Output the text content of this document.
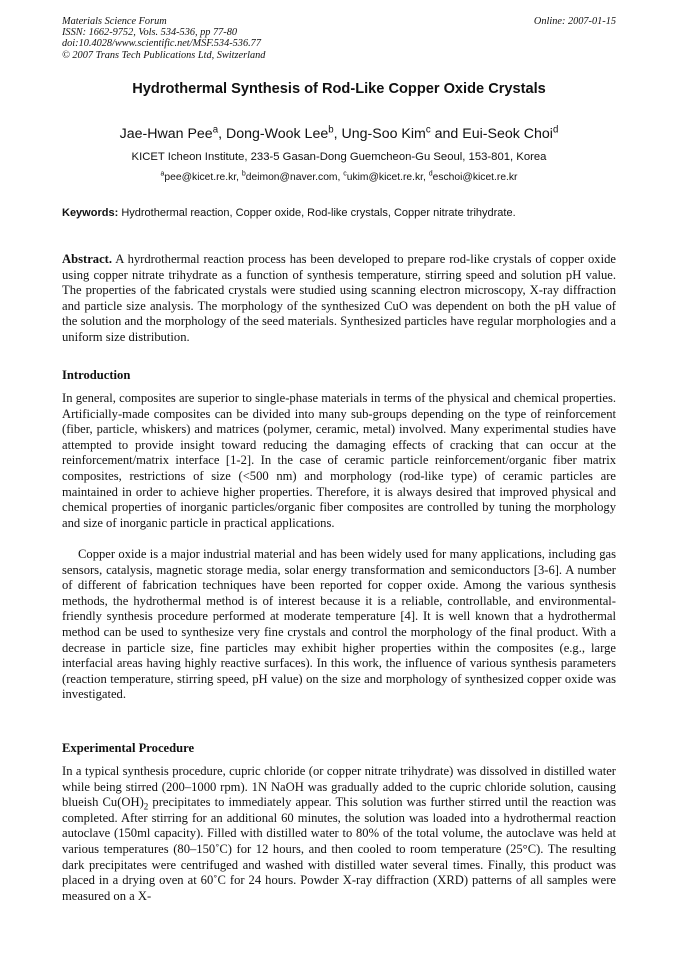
Materials Science Forum
ISSN: 1662-9752, Vols. 534-536, pp 77-80
doi:10.4028/www.scientific.net/MSF.534-536.77
© 2007 Trans Tech Publications Ltd, Switzerland
Online: 2007-01-15
Hydrothermal Synthesis of Rod-Like Copper Oxide Crystals
Jae-Hwan Pee$^a$, Dong-Wook Lee$^b$, Ung-Soo Kim$^c$ and Eui-Seok Choi$^d$
KICET Icheon Institute, 233-5 Gasan-Dong Guemcheon-Gu Seoul, 153-801, Korea
$^a$pee@kicet.re.kr, $^b$deimon@naver.com, $^c$ukim@kicet.re.kr, $^d$eschoi@kicet.re.kr
Keywords: Hydrothermal reaction, Copper oxide, Rod-like crystals, Copper nitrate trihydrate.
Abstract. A hyrdrothermal reaction process has been developed to prepare rod-like crystals of copper oxide using copper nitrate trihydrate as a function of synthesis temperature, stirring speed and solution pH value. The properties of the fabricated crystals were studied using scanning electron microscopy, X-ray diffraction and particle size analysis. The morphology of the synthesized CuO was dependent on both the pH value of the solution and the morphology of the seed materials. Synthesized particles have regular morphologies and a uniform size distribution.
Introduction

In general, composites are superior to single-phase materials in terms of the physical and chemical properties. Artificially-made composites can be divided into many sub-groups depending on the type of reinforcement (fiber, particle, whiskers) and matrices (polymer, ceramic, metal) involved. Many experimental studies have attempted to provide insight toward reducing the damaging effects of cracking that can occur at the reinforcement/matrix interface [1-2]. In the case of ceramic particle reinforcement/organic fiber matrix composites, restrictions of size (<500 nm) and morphology (rod-like type) of ceramic particles are maintained in order to achieve higher properties. Therefore, it is always desired that improved physical and chemical properties of inorganic particles/organic fiber composites are controlled by tuning the morphology and size of inorganic particle in practical applications.

Copper oxide is a major industrial material and has been widely used for many applications, including gas sensors, catalysis, magnetic storage media, solar energy transformation and semiconductors [3-6]. A number of different of fabrication techniques have been reported for copper oxide. Among the various synthesis methods, the hydrothermal method is of interest because it is a reliable, controllable, and environmental-friendly synthesis procedure performed at moderate temperature [4]. It is well known that a hydrothermal method can be used to synthesize very fine crystals and control the morphology of the final product. With a decrease in particle size, fine particles may exhibit higher properties within the composites (e.g., large interfacial areas having highly reactive surfaces). In this work, the influence of various synthesis parameters (reaction temperature, stirring speed, pH value) on the size and morphology of synthesized copper oxide was investigated.

Experimental Procedure

In a typical synthesis procedure, cupric chloride (or copper nitrate trihydrate) was dissolved in distilled water while being stirred (200–1000 rpm). 1N NaOH was gradually added to the cupric chloride solution, causing blueish $Cu(OH)_2$ precipitates to immediately appear. This solution was further stirred until the reaction was completed. After stirring for an additional 60 minutes, the solution was loaded into a hydrothermal reaction autoclave (150ml capacity). Filled with distilled water to 80% of the total volume, the autoclave was held at various temperatures (80–150˚C) for 12 hours, and then cooled to room temperature (25°C). The resulting dark precipitates were centrifuged and washed with distilled water several times. Finally, this product was placed in a drying oven at 60˚C for 24 hours. Powder X-ray diffraction (XRD) patterns of all samples were measured on a X-
